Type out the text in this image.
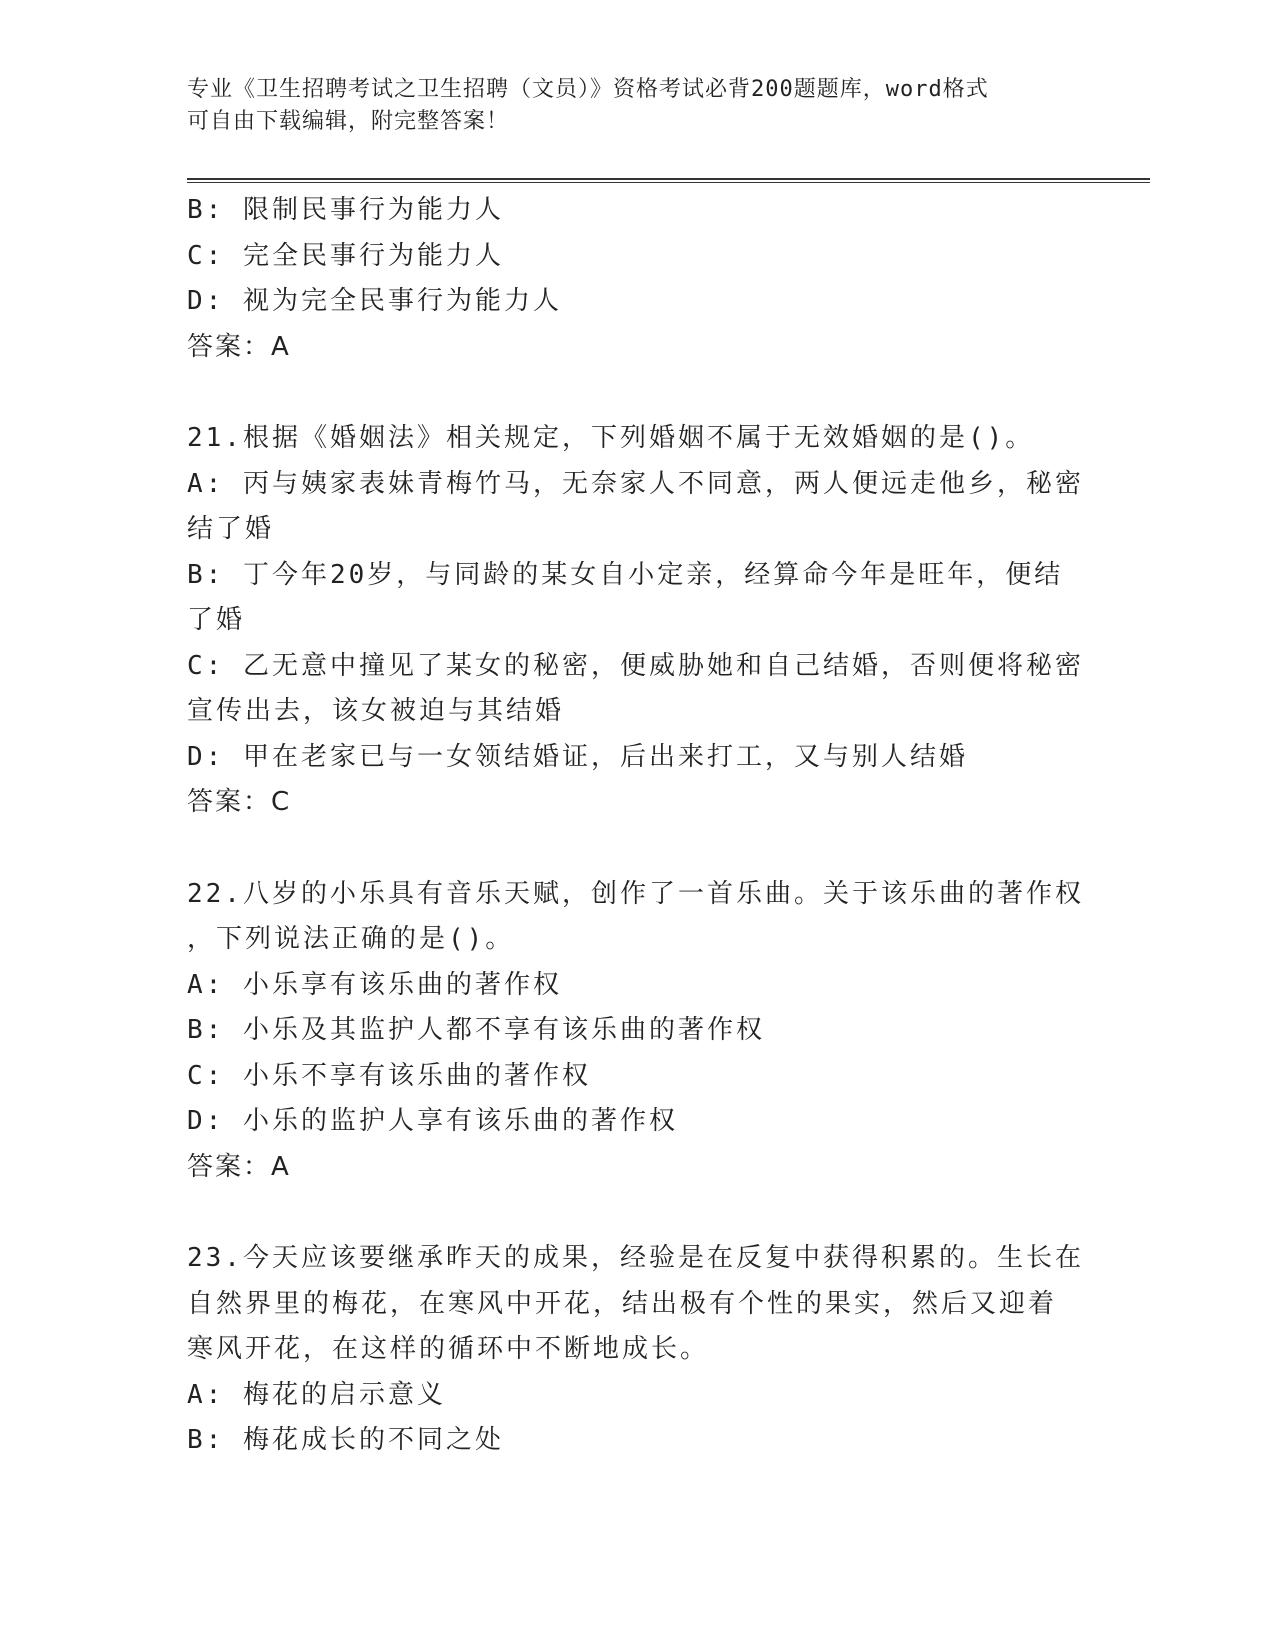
专业《卫生招聘考试之卫生招聘（文员）》资格考试必背200题题库，word格式
可自由下载编辑，附完整答案！
B: 限制民事行为能力人
C: 完全民事行为能力人
D: 视为完全民事行为能力人
答案：A
21.根据《婚姻法》相关规定，下列婚姻不属于无效婚姻的是()。
A: 丙与姨家表妹青梅竹马，无奈家人不同意，两人便远走他乡，秘密
结了婚
B: 丁今年20岁，与同龄的某女自小定亲，经算命今年是旺年，便结
了婚
C: 乙无意中撞见了某女的秘密，便威胁她和自己结婚，否则便将秘密
宣传出去，该女被迫与其结婚
D: 甲在老家已与一女领结婚证，后出来打工，又与别人结婚
答案：C
22.八岁的小乐具有音乐天赋，创作了一首乐曲。关于该乐曲的著作权
，下列说法正确的是()。
A: 小乐享有该乐曲的著作权
B: 小乐及其监护人都不享有该乐曲的著作权
C: 小乐不享有该乐曲的著作权
D: 小乐的监护人享有该乐曲的著作权
答案：A
23.今天应该要继承昨天的成果，经验是在反复中获得积累的。生长在
自然界里的梅花，在寒风中开花，结出极有个性的果实，然后又迎着
寒风开花，在这样的循环中不断地成长。
A: 梅花的启示意义
B: 梅花成长的不同之处
